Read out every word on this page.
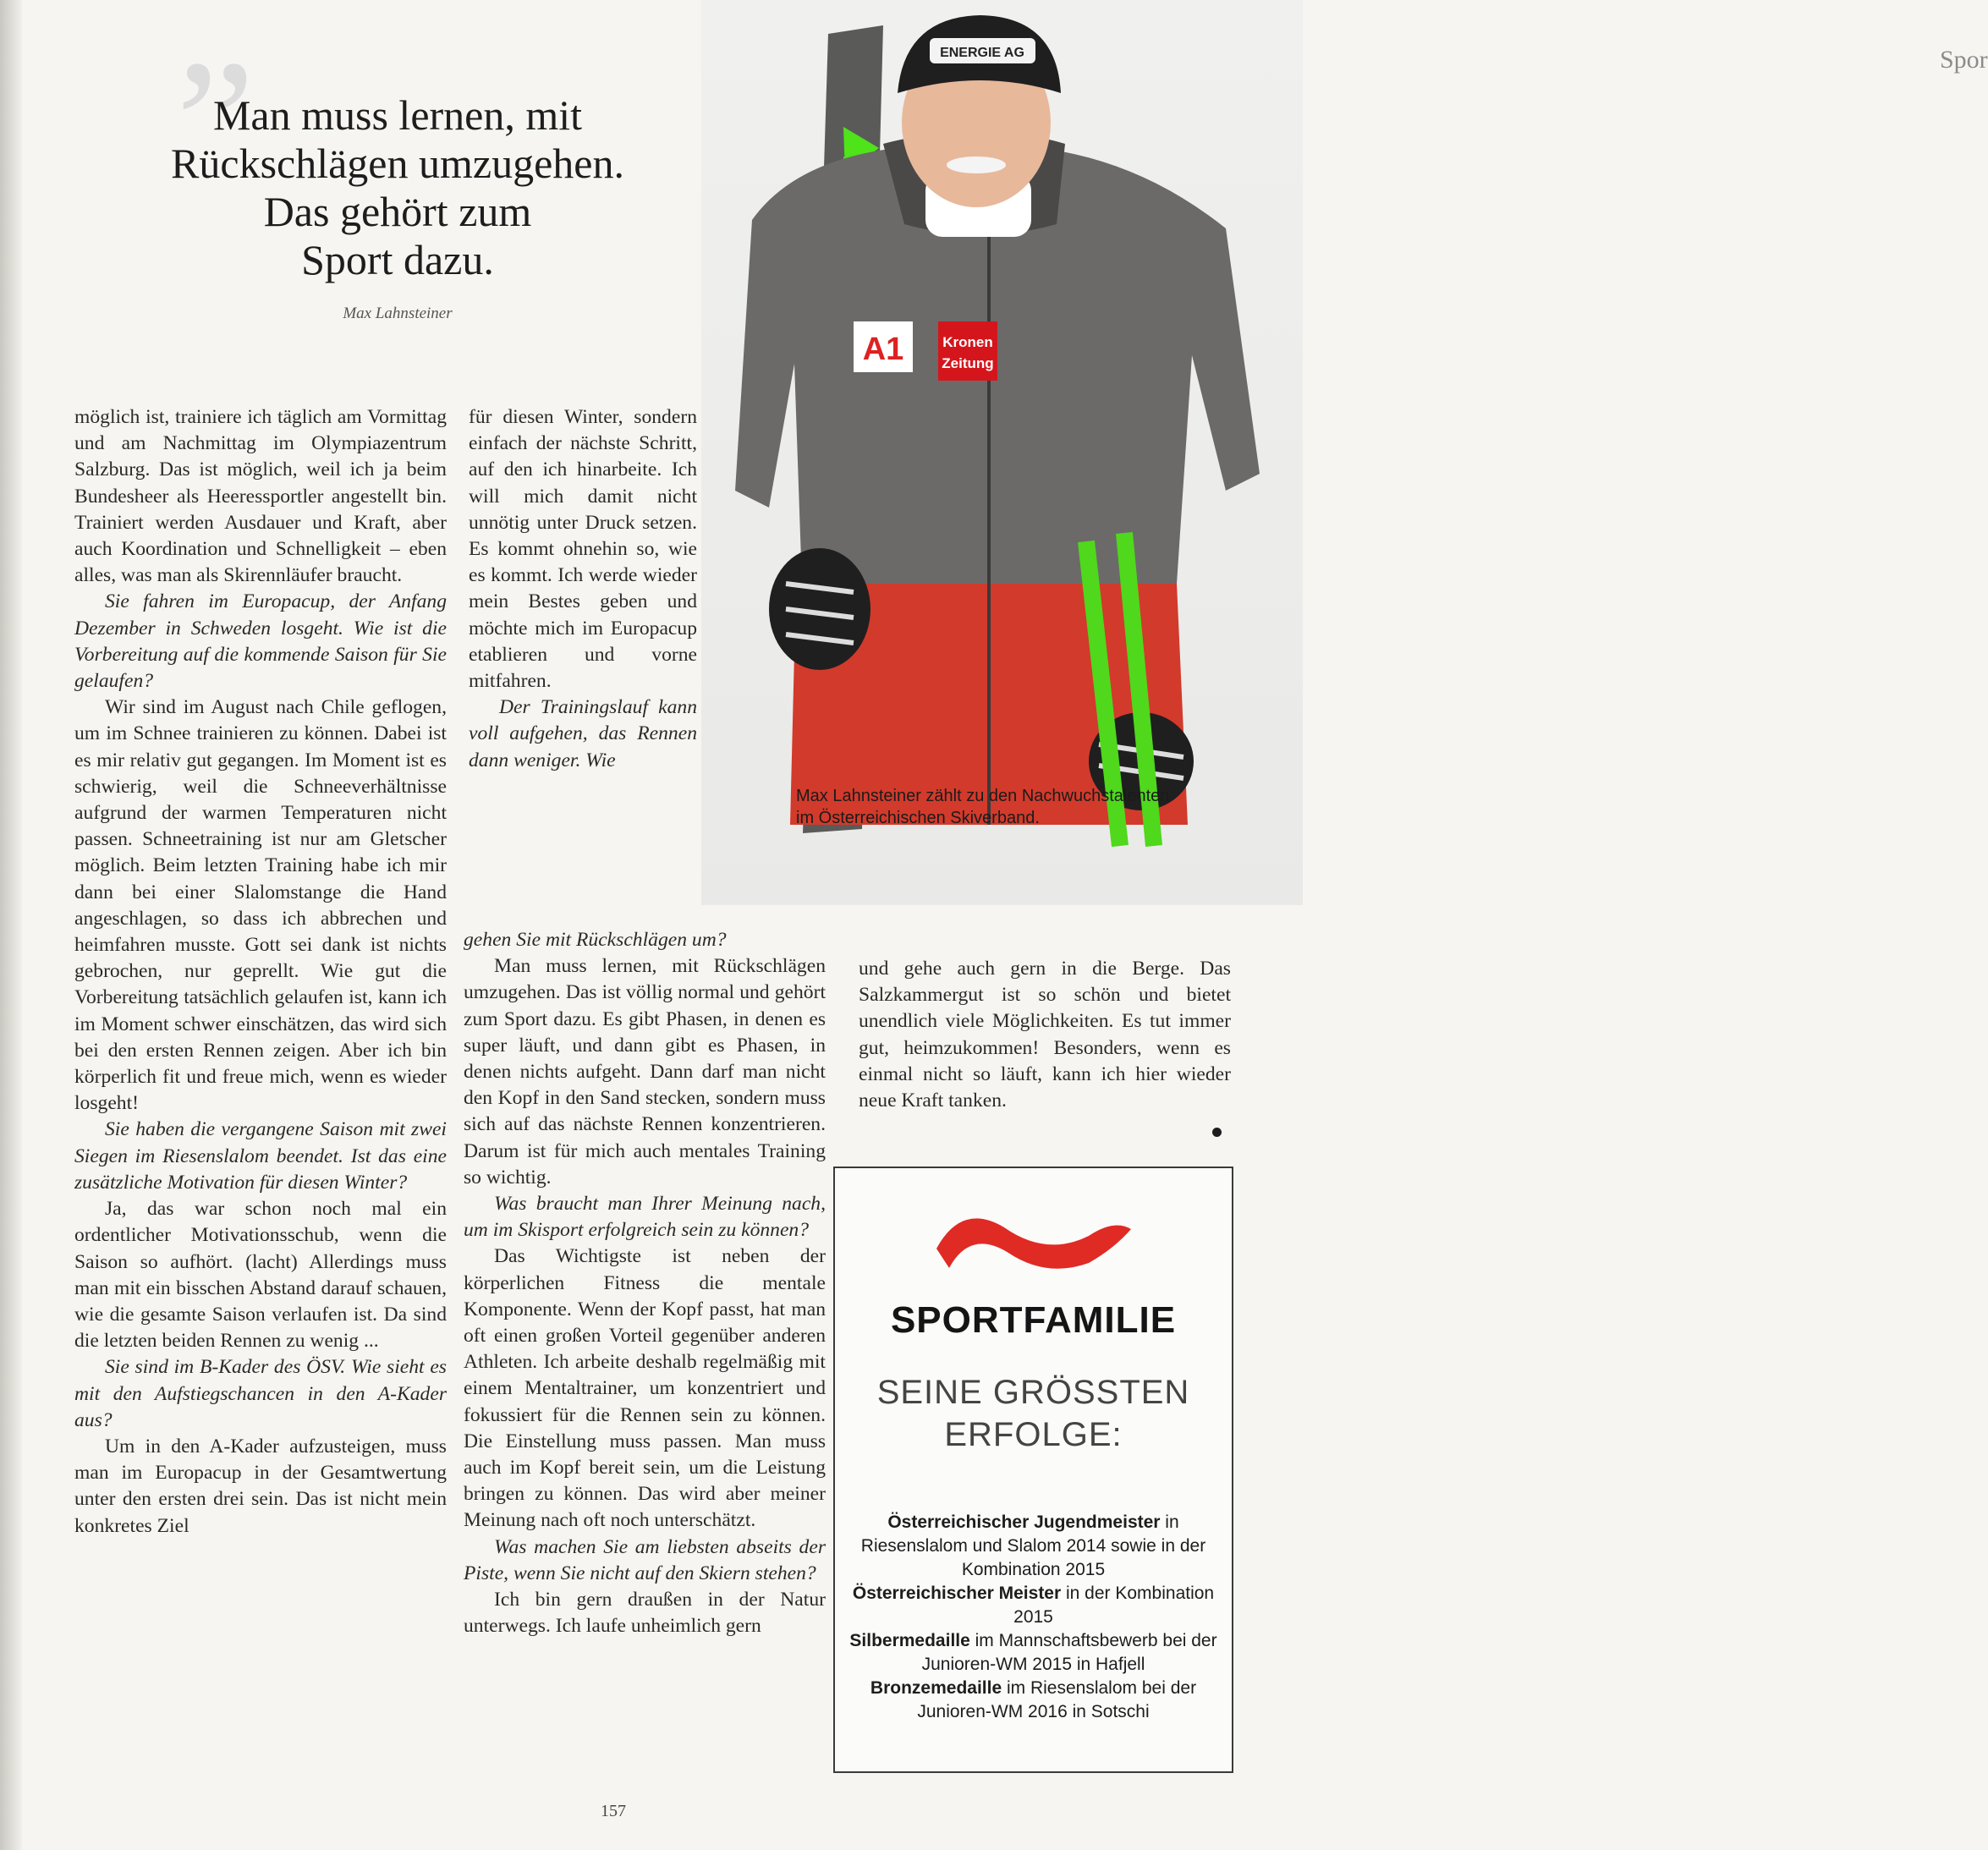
”
Man muss lernen, mit
Rückschlägen umzugehen.
Das gehört zum
Sport dazu.
Max Lahnsteiner
ENERGIE AG
A1	Kronen
Zeitung
Spor
Max Lahnsteiner zählt zu den Nachwuchstalenten
im Österreichischen Skiverband.

möglich ist, trainiere ich täglich am Vormittag und am Nachmittag im Olympiazentrum Salzburg. Das ist möglich, weil ich ja beim Bundesheer als Heeressportler angestellt bin. Trainiert werden Ausdauer und Kraft, aber auch Koordination und Schnelligkeit – eben alles, was man als Skirennläufer braucht.

Sie fahren im Europacup, der Anfang Dezember in Schweden losgeht. Wie ist die Vorbereitung auf die kommende Saison für Sie gelaufen?

Wir sind im August nach Chile geflogen, um im Schnee trainieren zu können. Dabei ist es mir relativ gut gegangen. Im Moment ist es schwierig, weil die Schneeverhältnisse aufgrund der warmen Temperaturen nicht passen. Schneetraining ist nur am Gletscher möglich. Beim letzten Training habe ich mir dann bei einer Slalomstange die Hand angeschlagen, so dass ich abbrechen und heimfahren musste. Gott sei dank ist nichts gebrochen, nur geprellt. Wie gut die Vorbereitung tatsächlich gelaufen ist, kann ich im Moment schwer einschätzen, das wird sich bei den ersten Rennen zeigen. Aber ich bin körperlich fit und freue mich, wenn es wieder losgeht!

Sie haben die vergangene Saison mit zwei Siegen im Riesenslalom beendet. Ist das eine zusätzliche Motivation für diesen Winter?

Ja, das war schon noch mal ein ordentlicher Motivationsschub, wenn die Saison so aufhört. (lacht) Allerdings muss man mit ein bisschen Abstand darauf schauen, wie die gesamte Saison verlaufen ist. Da sind die letzten beiden Rennen zu wenig ...

Sie sind im B-Kader des ÖSV. Wie sieht es mit den Aufstiegschancen in den A-Kader aus?

Um in den A-Kader aufzusteigen, muss man im Europacup in der Gesamtwertung unter den ersten drei sein. Das ist nicht mein konkretes Ziel

für diesen Winter, sondern einfach der nächste Schritt, auf den ich hinarbeite. Ich will mich damit nicht unnötig unter Druck setzen. Es kommt ohnehin so, wie es kommt. Ich werde wieder mein Bestes geben und möchte mich im Europacup etablieren und vorne mitfahren.

Der Trainingslauf kann voll aufgehen, das Rennen dann weniger. Wie

gehen Sie mit Rückschlägen um?

Man muss lernen, mit Rückschlägen umzugehen. Das ist völlig normal und gehört zum Sport dazu. Es gibt Phasen, in denen es super läuft, und dann gibt es Phasen, in denen nichts aufgeht. Dann darf man nicht den Kopf in den Sand stecken, sondern muss sich auf das nächste Rennen konzentrieren. Darum ist für mich auch mentales Training so wichtig.

Was braucht man Ihrer Meinung nach, um im Skisport erfolgreich sein zu können?

Das Wichtigste ist neben der körperlichen Fitness die mentale Komponente. Wenn der Kopf passt, hat man oft einen großen Vorteil gegenüber anderen Athleten. Ich arbeite deshalb regelmäßig mit einem Mentaltrainer, um konzentriert und fokussiert für die Rennen sein zu können. Die Einstellung muss passen. Man muss auch im Kopf bereit sein, um die Leistung bringen zu können. Das wird aber meiner Meinung nach oft noch unterschätzt.

Was machen Sie am liebsten abseits der Piste, wenn Sie nicht auf den Skiern stehen?

Ich bin gern draußen in der Natur unterwegs. Ich laufe unheimlich gern

und gehe auch gern in die Berge. Das Salzkammergut ist so schön und bietet unendlich viele Möglichkeiten. Es tut immer gut, heimzukommen! Besonders, wenn es einmal nicht so läuft, kann ich hier wieder neue Kraft tanken.

SPORTFAMILIE
SEINE GRÖSSTEN
ERFOLGE:
Österreichischer Jugendmeister in Riesenslalom und Slalom 2014 sowie in der Kombination 2015
Österreichischer Meister in der Kombination 2015
Silbermedaille im Mannschaftsbewerb bei der Junioren-WM 2015 in Hafjell
Bronzemedaille im Riesenslalom bei der Junioren-WM 2016 in Sotschi
157
